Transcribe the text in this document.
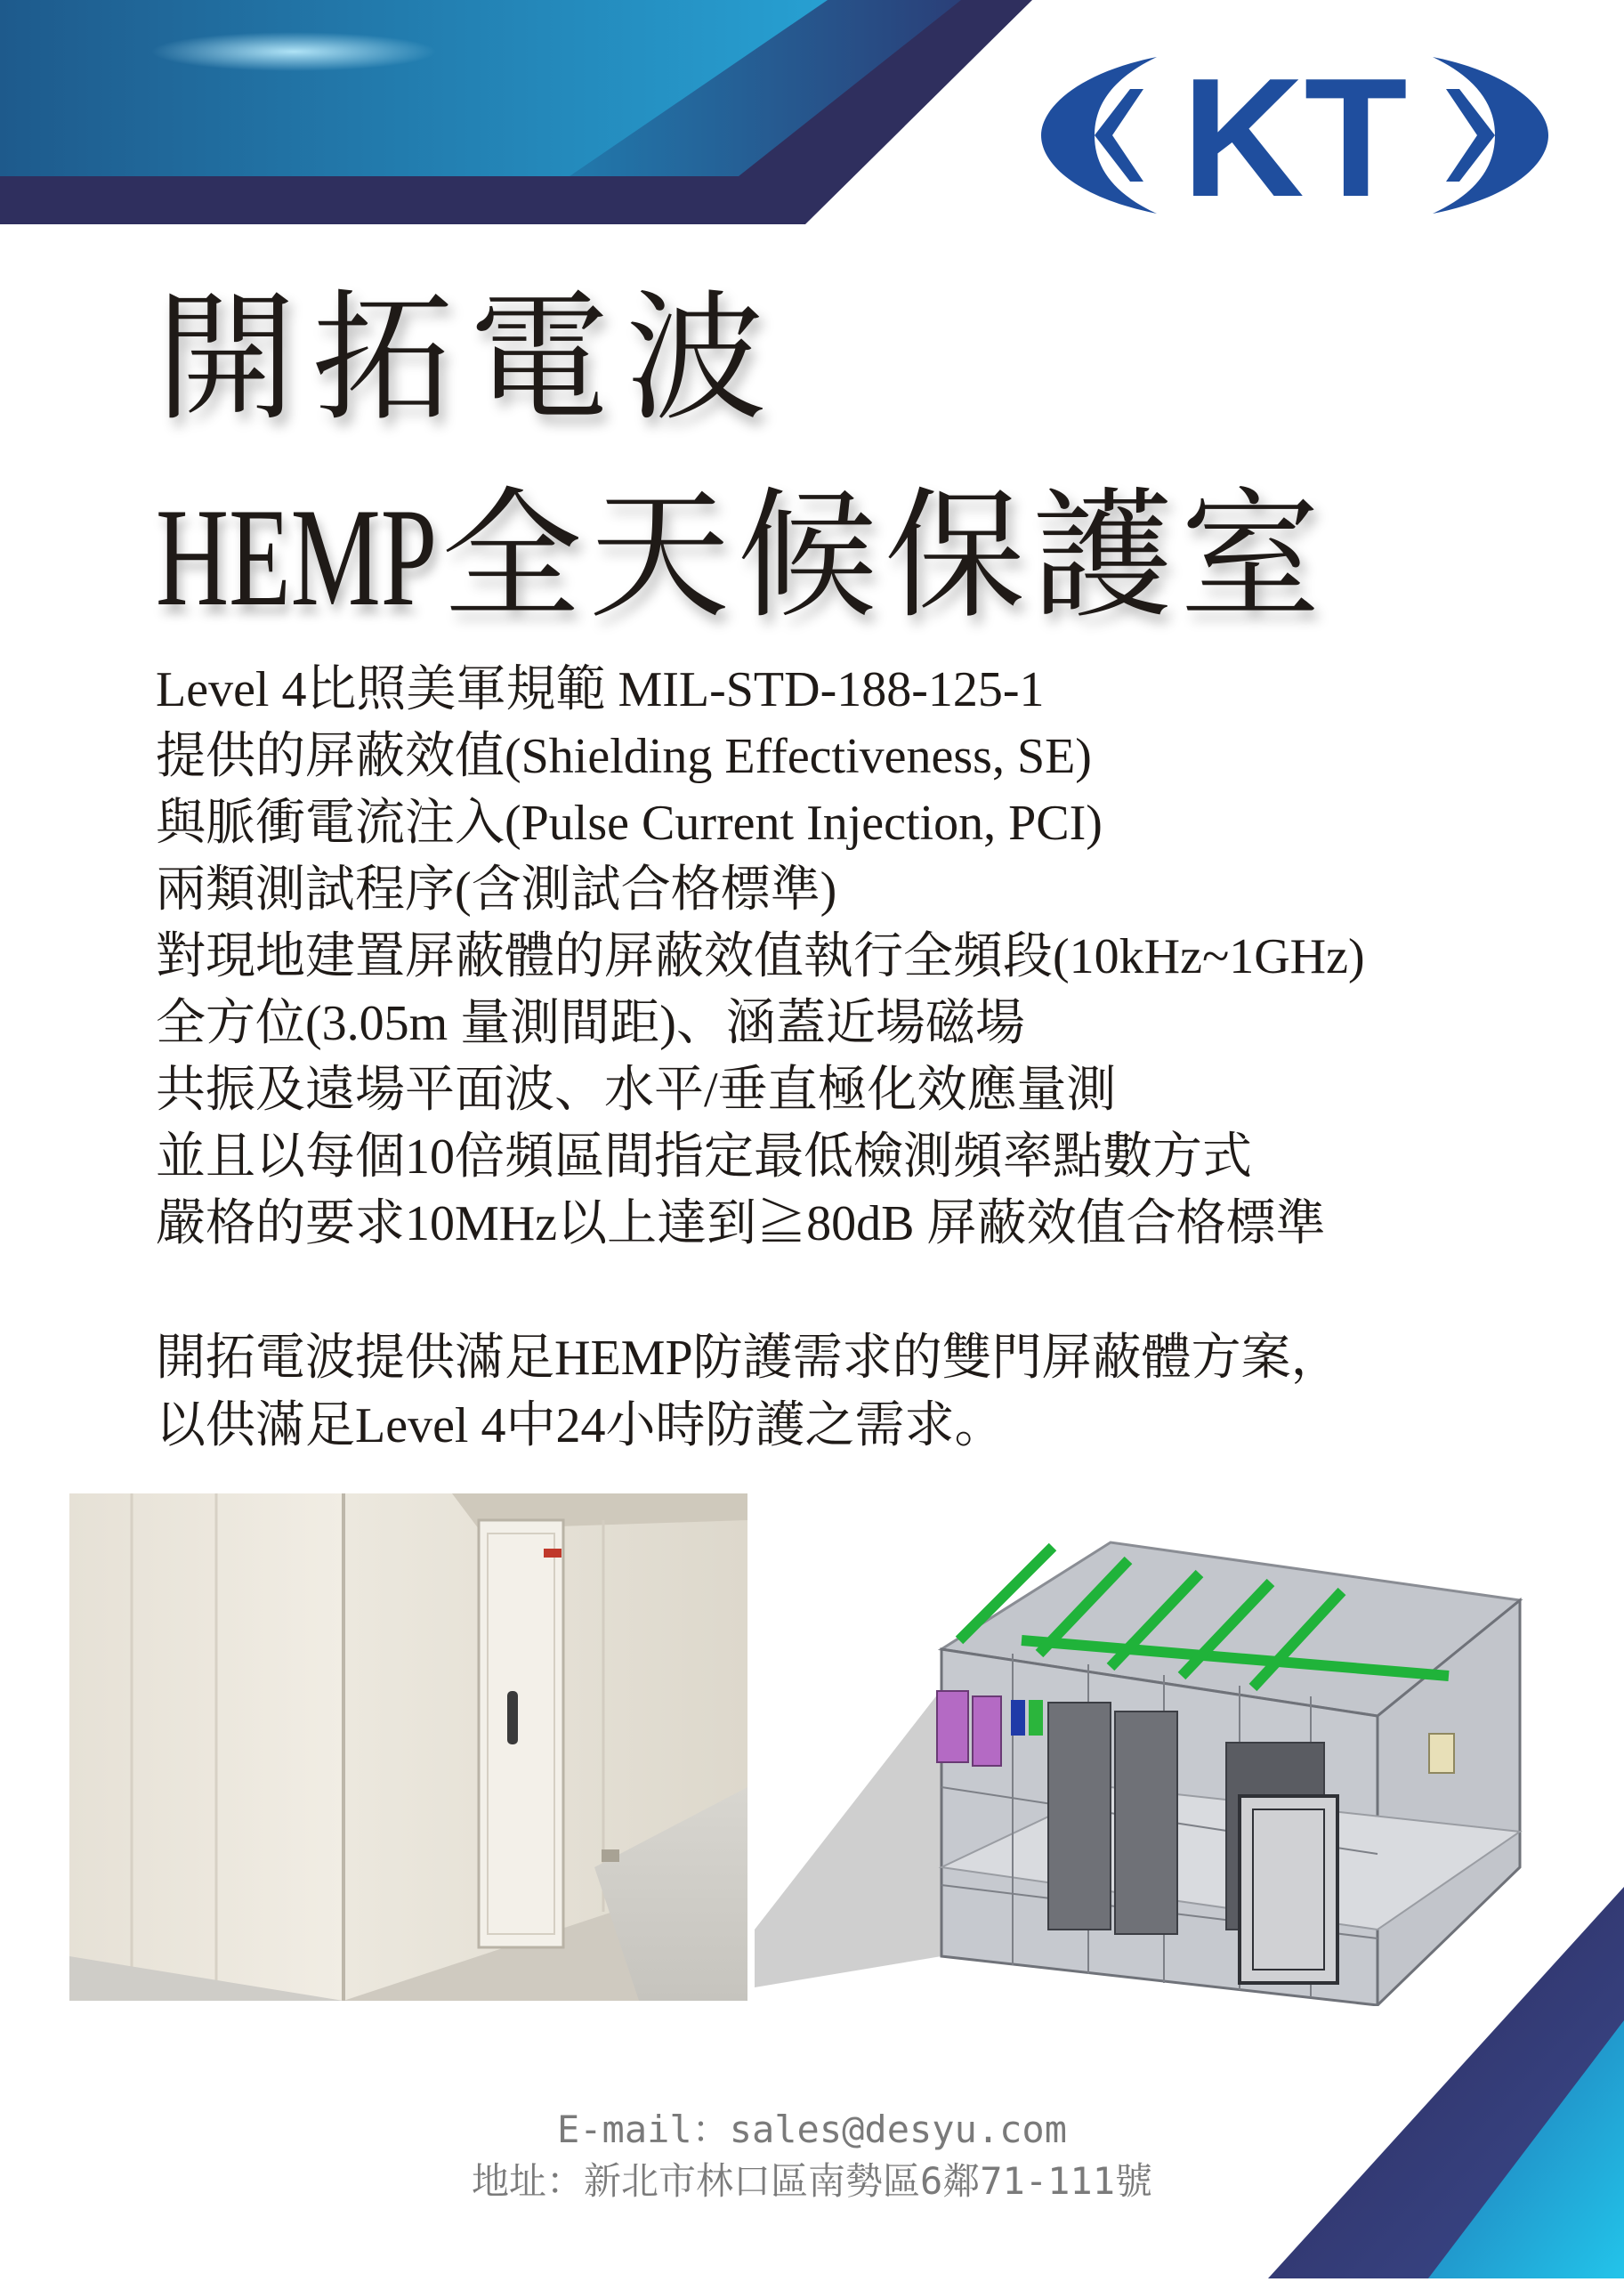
KT
開拓電波
HEMP全天候保護室
Level 4比照美軍規範 MIL-STD-188-125-1
提供的屏蔽效值(Shielding Effectiveness, SE)
與脈衝電流注入(Pulse Current Injection, PCI)
兩類測試程序(含測試合格標準)
對現地建置屏蔽體的屏蔽效值執行全頻段(10kHz~1GHz)
全方位(3.05m 量測間距)、涵蓋近場磁場
共振及遠場平面波、水平/垂直極化效應量測
並且以每個10倍頻區間指定最低檢測頻率點數方式
嚴格的要求10MHz以上達到≧80dB 屏蔽效值合格標準
開拓電波提供滿足HEMP防護需求的雙門屏蔽體方案，
以供滿足Level 4中24小時防護之需求。
E-mail：sales@desyu.com
地址：新北市林口區南勢區6鄰71-111號
